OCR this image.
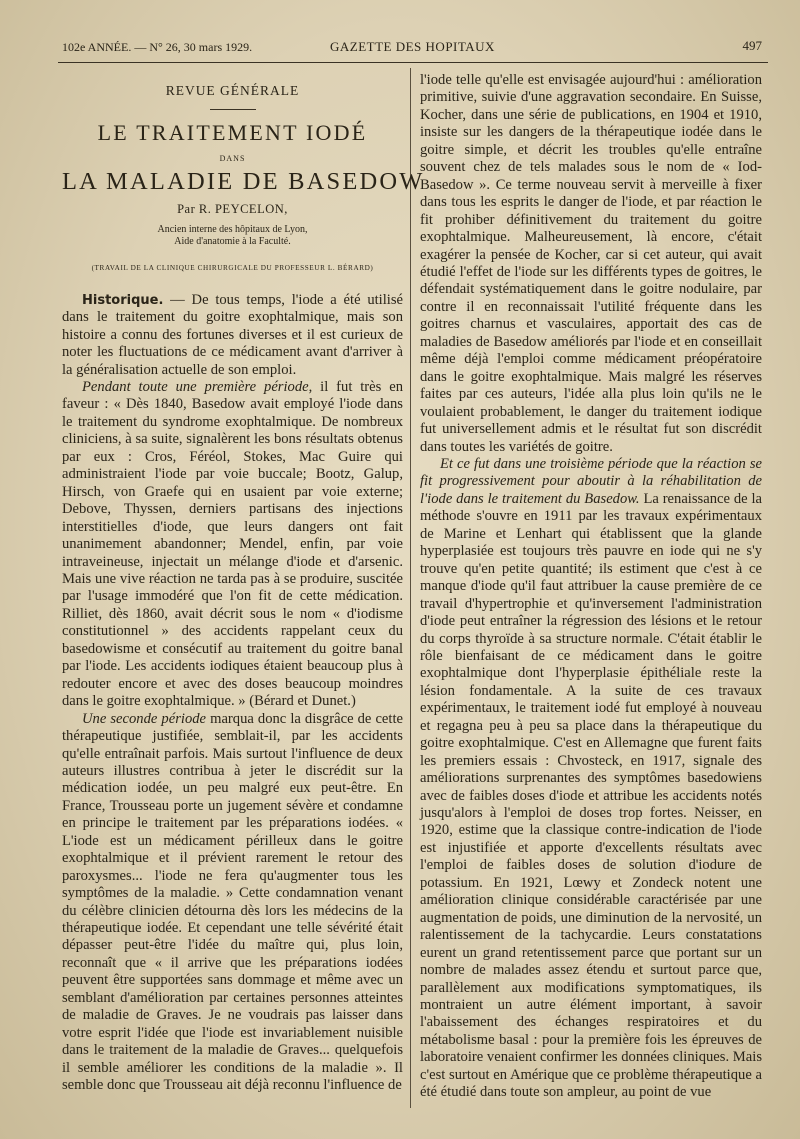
102e ANNÉE. — N° 26, 30 mars 1929.	GAZETTE DES HOPITAUX	497
REVUE GÉNÉRALE
LE TRAITEMENT IODÉ
DANS
LA MALADIE DE BASEDOW
Par R. PEYCELON,
Ancien interne des hôpitaux de Lyon,
Aide d'anatomie à la Faculté.
(TRAVAIL DE LA CLINIQUE CHIRURGICALE DU PROFESSEUR L. BÉRARD)

Historique. — De tous temps, l'iode a été utilisé dans le traitement du goitre exophtalmique, mais son histoire a connu des fortunes diverses et il est curieux de noter les fluctuations de ce médicament avant d'arriver à la généralisation actuelle de son emploi.

Pendant toute une première période, il fut très en faveur : « Dès 1840, Basedow avait employé l'iode dans le traitement du syndrome exophtalmique. De nombreux cliniciens, à sa suite, signalèrent les bons résultats obtenus par eux : Cros, Féréol, Stokes, Mac Guire qui administraient l'iode par voie buccale; Bootz, Galup, Hirsch, von Graefe qui en usaient par voie externe; Debove, Thyssen, derniers partisans des injections interstitielles d'iode, que leurs dangers ont fait unanimement abandonner; Mendel, enfin, par voie intraveineuse, injectait un mélange d'iode et d'arsenic. Mais une vive réaction ne tarda pas à se produire, suscitée par l'usage immodéré que l'on fit de cette médication. Rilliet, dès 1860, avait décrit sous le nom « d'iodisme constitutionnel » des accidents rappelant ceux du basedowisme et consécutif au traitement du goitre banal par l'iode. Les accidents iodiques étaient beaucoup plus à redouter encore et avec des doses beaucoup moindres dans le goitre exophtalmique. » (Bérard et Dunet.)

Une seconde période marqua donc la disgrâce de cette thérapeutique justifiée, semblait-il, par les accidents qu'elle entraînait parfois. Mais surtout l'influence de deux auteurs illustres contribua à jeter le discrédit sur la médication iodée, un peu malgré eux peut-être. En France, Trousseau porte un jugement sévère et condamne en principe le traitement par les préparations iodées. « L'iode est un médicament périlleux dans le goitre exophtalmique et il prévient rarement le retour des paroxysmes... l'iode ne fera qu'augmenter tous les symptômes de la maladie. » Cette condamnation venant du célèbre clinicien détourna dès lors les médecins de la thérapeutique iodée. Et cependant une telle sévérité était dépasser peut-être l'idée du maître qui, plus loin, reconnaît que « il arrive que les préparations iodées peuvent être supportées sans dommage et même avec un semblant d'amélioration par certaines personnes atteintes de maladie de Graves. Je ne voudrais pas laisser dans votre esprit l'idée que l'iode est invariablement nuisible dans le traitement de la maladie de Graves... quelquefois il semble améliorer les conditions de la maladie ». Il semble donc que Trousseau ait déjà reconnu l'influence de

l'iode telle qu'elle est envisagée aujourd'hui : amélioration primitive, suivie d'une aggravation secondaire. En Suisse, Kocher, dans une série de publications, en 1904 et 1910, insiste sur les dangers de la thérapeutique iodée dans le goitre simple, et décrit les troubles qu'elle entraîne souvent chez de tels malades sous le nom de « Iod-Basedow ». Ce terme nouveau servit à merveille à fixer dans tous les esprits le danger de l'iode, et par réaction le fit prohiber définitivement du traitement du goitre exophtalmique. Malheureusement, là encore, c'était exagérer la pensée de Kocher, car si cet auteur, qui avait étudié l'effet de l'iode sur les différents types de goitres, le défendait systématiquement dans le goitre nodulaire, par contre il en reconnaissait l'utilité fréquente dans les goitres charnus et vasculaires, apportait des cas de maladies de Basedow améliorés par l'iode et en conseillait même déjà l'emploi comme médicament préopératoire dans le goitre exophtalmique. Mais malgré les réserves faites par ces auteurs, l'idée alla plus loin qu'ils ne le voulaient probablement, le danger du traitement iodique fut universellement admis et le résultat fut son discrédit dans toutes les variétés de goitre.

Et ce fut dans une troisième période que la réaction se fit progressivement pour aboutir à la réhabilitation de l'iode dans le traitement du Basedow. La renaissance de la méthode s'ouvre en 1911 par les travaux expérimentaux de Marine et Lenhart qui établissent que la glande hyperplasiée est toujours très pauvre en iode qui ne s'y trouve qu'en petite quantité; ils estiment que c'est à ce manque d'iode qu'il faut attribuer la cause première de ce travail d'hypertrophie et qu'inversement l'administration d'iode peut entraîner la régression des lésions et le retour du corps thyroïde à sa structure normale. C'était établir le rôle bienfaisant de ce médicament dans le goitre exophtalmique dont l'hyperplasie épithéliale reste la lésion fondamentale. A la suite de ces travaux expérimentaux, le traitement iodé fut employé à nouveau et regagna peu à peu sa place dans la thérapeutique du goitre exophtalmique. C'est en Allemagne que furent faits les premiers essais : Chvosteck, en 1917, signale des améliorations surprenantes des symptômes basedowiens avec de faibles doses d'iode et attribue les accidents notés jusqu'alors à l'emploi de doses trop fortes. Neisser, en 1920, estime que la classique contre-indication de l'iode est injustifiée et apporte d'excellents résultats avec l'emploi de faibles doses de solution d'iodure de potassium. En 1921, Lœwy et Zondeck notent une amélioration clinique considérable caractérisée par une augmentation de poids, une diminution de la nervosité, un ralentissement de la tachycardie. Leurs constatations eurent un grand retentissement parce que portant sur un nombre de malades assez étendu et surtout parce que, parallèlement aux modifications symptomatiques, ils montraient un autre élément important, à savoir l'abaissement des échanges respiratoires et du métabolisme basal : pour la première fois les épreuves de laboratoire venaient confirmer les données cliniques. Mais c'est surtout en Amérique que ce problème thérapeutique a été étudié dans toute son ampleur, au point de vue
